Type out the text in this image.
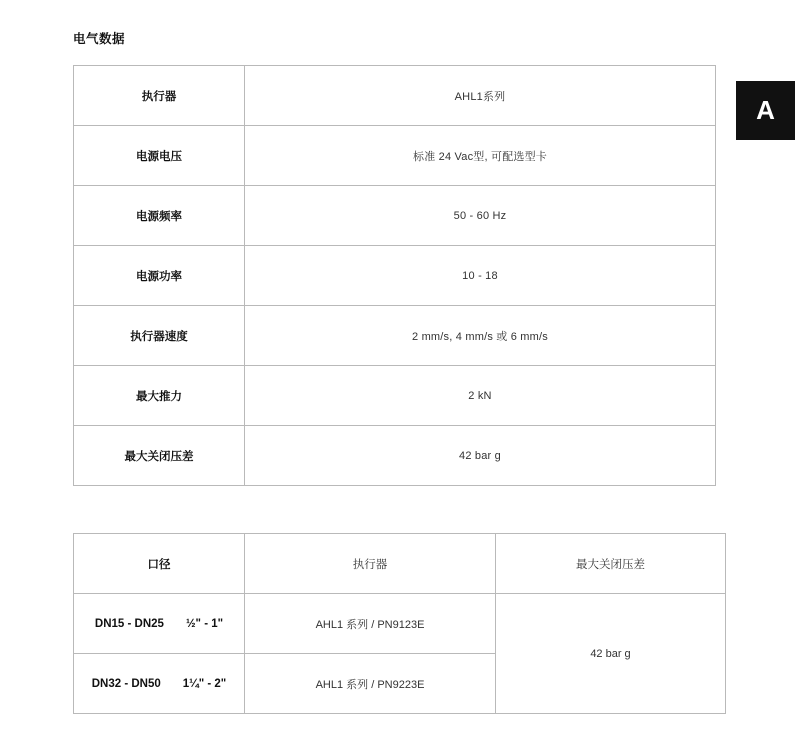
电气数据
A
执行器	AHL1系列
电源电压	标准 24 Vac型, 可配选型卡
电源频率	50 - 60 Hz
电源功率	10 - 18
执行器速度	2 mm/s, 4 mm/s 或 6 mm/s
最大推力	2 kN
最大关闭压差	42 bar g
口径	执行器	最大关闭压差

DN15 - DN25 ½" - 1"	AHL1 系列 / PN9123E	42 bar g

DN32 - DN50 1¼" - 2"	AHL1 系列 / PN9223E	
